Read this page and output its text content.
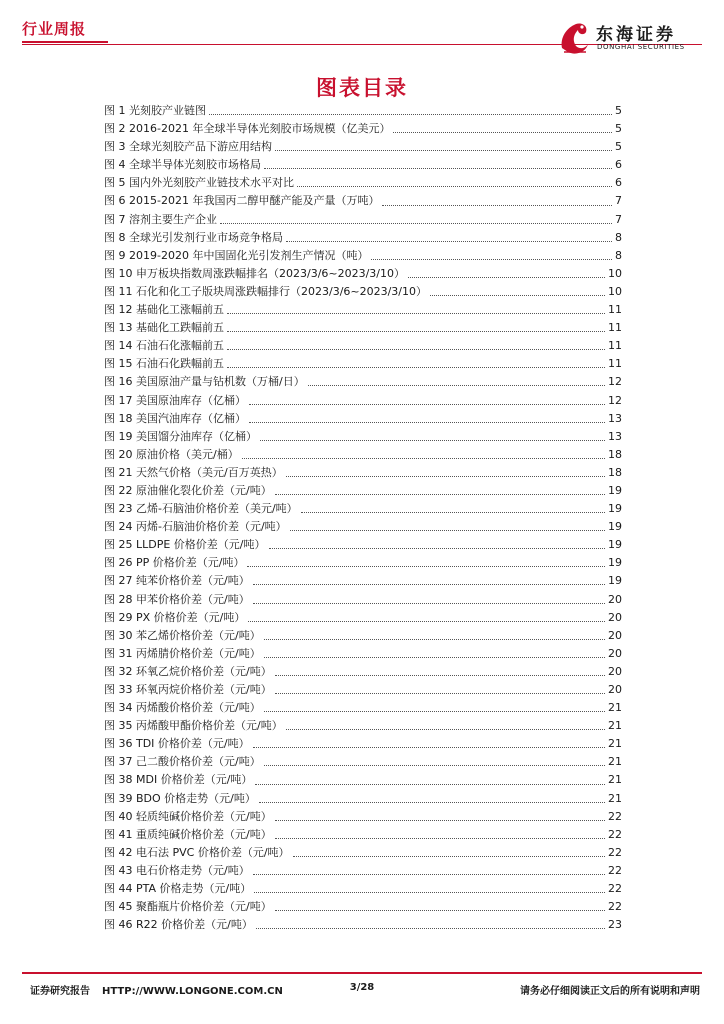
行业周报	东海证券
DONGHAI SECURITIES
图表目录
图 1 光刻胶产业链图	5
图 2 2016-2021 年全球半导体光刻胶市场规模（亿美元）	5
图 3 全球光刻胶产品下游应用结构	5
图 4 全球半导体光刻胶市场格局	6
图 5 国内外光刻胶产业链技术水平对比	6
图 6 2015-2021 年我国丙二醇甲醚产能及产量（万吨）	7
图 7 溶剂主要生产企业	7
图 8 全球光引发剂行业市场竞争格局	8
图 9 2019-2020 年中国固化光引发剂生产情况（吨）	8
图 10 申万板块指数周涨跌幅排名（2023/3/6~2023/3/10）	10
图 11 石化和化工子版块周涨跌幅排行（2023/3/6~2023/3/10）	10
图 12 基础化工涨幅前五	11
图 13 基础化工跌幅前五	11
图 14 石油石化涨幅前五	11
图 15 石油石化跌幅前五	11
图 16 美国原油产量与钻机数（万桶/日）	12
图 17 美国原油库存（亿桶）	12
图 18 美国汽油库存（亿桶）	13
图 19 美国馏分油库存（亿桶）	13
图 20 原油价格（美元/桶）	18
图 21 天然气价格（美元/百万英热）	18
图 22 原油催化裂化价差（元/吨）	19
图 23 乙烯-石脑油价格价差（美元/吨）	19
图 24 丙烯-石脑油价格价差（元/吨）	19
图 25 LLDPE 价格价差（元/吨）	19
图 26 PP 价格价差（元/吨）	19
图 27 纯苯价格价差（元/吨）	19
图 28 甲苯价格价差（元/吨）	20
图 29 PX 价格价差（元/吨）	20
图 30 苯乙烯价格价差（元/吨）	20
图 31 丙烯腈价格价差（元/吨）	20
图 32 环氧乙烷价格价差（元/吨）	20
图 33 环氧丙烷价格价差（元/吨）	20
图 34 丙烯酸价格价差（元/吨）	21
图 35 丙烯酸甲酯价格价差（元/吨）	21
图 36 TDI 价格价差（元/吨）	21
图 37 己二酸价格价差（元/吨）	21
图 38 MDI 价格价差（元/吨）	21
图 39 BDO 价格走势（元/吨）	21
图 40 轻质纯碱价格价差（元/吨）	22
图 41 重质纯碱价格价差（元/吨）	22
图 42 电石法 PVC 价格价差（元/吨）	22
图 43 电石价格走势（元/吨）	22
图 44 PTA 价格走势（元/吨）	22
图 45 聚酯瓶片价格价差（元/吨）	22
图 46 R22 价格价差（元/吨）	23
证券研究报告 HTTP://WWW.LONGONE.COM.CN	3/28	请务必仔细阅读正文后的所有说明和声明
